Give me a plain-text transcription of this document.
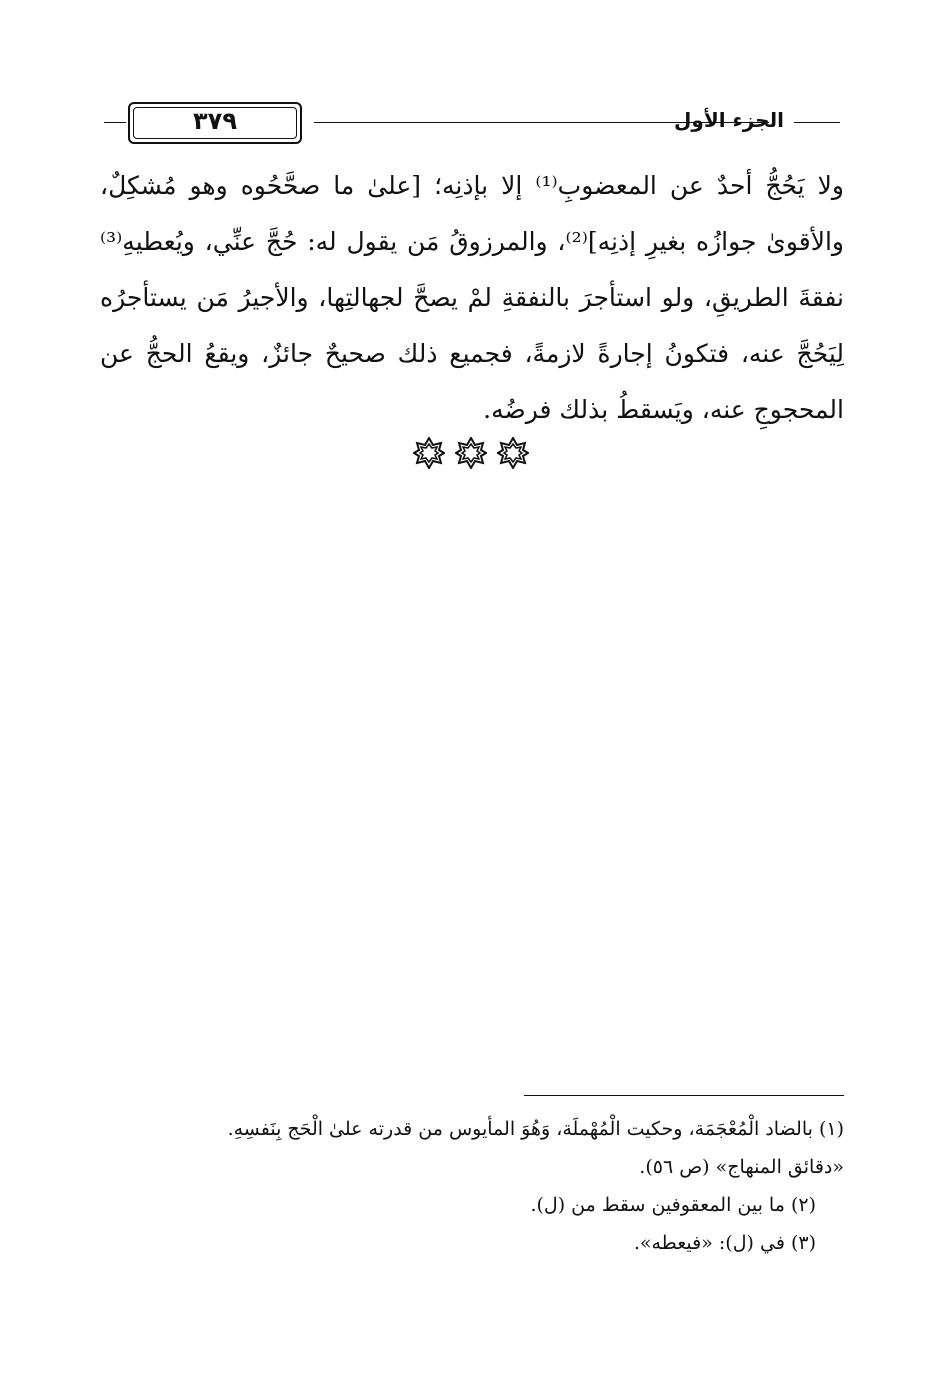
الجزء الأول
٣٧٩
ولا يَحُجُّ أحدٌ عن المعضوبِ⁽¹⁾ إلا بإذنِه؛ [علىٰ ما صحَّحُوه وهو مُشكِلٌ،
والأقوىٰ جوازُه بغيرِ إذنِه]⁽²⁾، والمرزوقُ مَن يقول له: حُجَّ عنِّي، ويُعطيهِ⁽³⁾
نفقةَ الطريقِ، ولو استأجرَ بالنفقةِ لمْ يصحَّ لجهالتِها، والأجيرُ مَن يستأجرُه
لِيَحُجَّ عنه، فتكونُ إجارةً لازمةً، فجميع ذلك صحيحٌ جائزٌ، ويقعُ الحجُّ عن
المحجوجِ عنه، ويَسقطُ بذلك فرضُه.
(١) بالضاد الْمُعْجَمَة، وحكيت الْمُهْملَة، وَهُوَ المأيوس من قدرته علىٰ الْحَج بِنَفسِهِ.
«دقائق المنهاج» (ص ٥٦).
(٢) ما بين المعقوفين سقط من (ل).
(٣) في (ل): «فيعطه».
